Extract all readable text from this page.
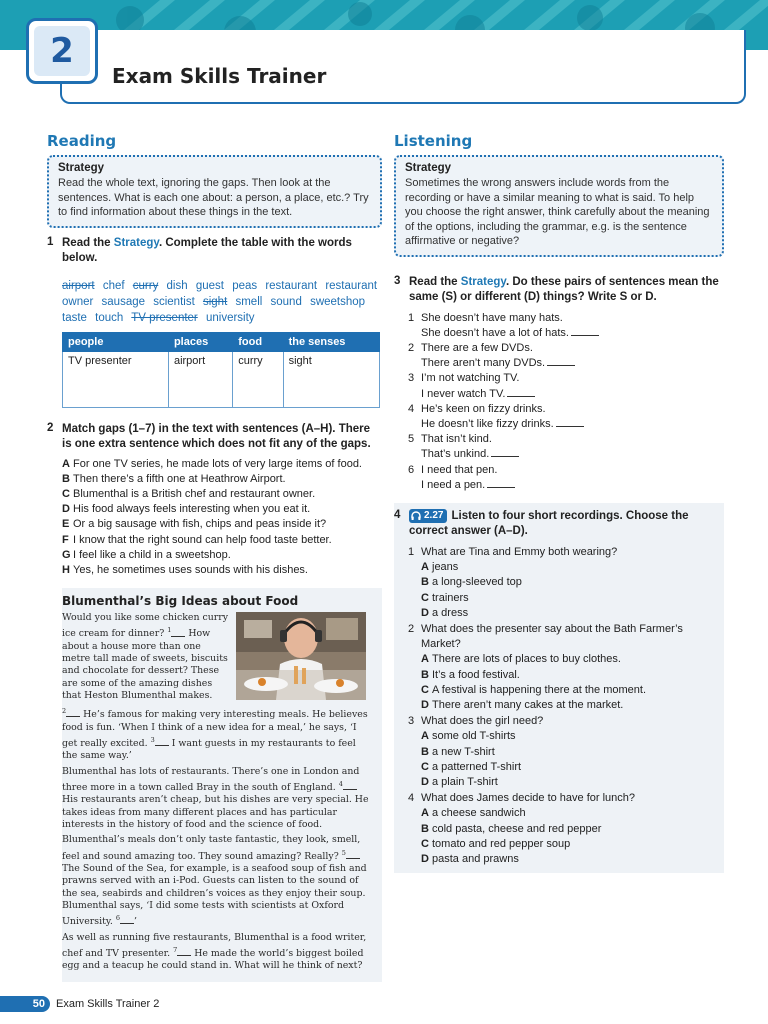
2
Exam Skills Trainer
Reading
Strategy
Read the whole text, ignoring the gaps. Then look at the sentences. What is each one about: a person, a place, etc.? Try to find information about these things in the text.
1 Read the Strategy. Complete the table with the words below.
airport chef curry dish guest peas restaurant restaurant owner sausage scientist sight smell sound sweetshop taste touch TV presenter university
people	places	food	the senses
TV presenter	airport	curry	sight
2 Match gaps (1–7) in the text with sentences (A–H). There is one extra sentence which does not fit any of the gaps.
A For one TV series, he made lots of very large items of food.
B Then there’s a fifth one at Heathrow Airport.
C Blumenthal is a British chef and restaurant owner.
D His food always feels interesting when you eat it.
E Or a big sausage with fish, chips and peas inside it?
F I know that the right sound can help food taste better.
G I feel like a child in a sweetshop.
H Yes, he sometimes uses sounds with his dishes.
Blumenthal’s Big Ideas about Food
Would you like some chicken curry ice cream for dinner? $^1$ How about a house more than one metre tall made of sweets, biscuits and chocolate for dessert? These are some of the amazing dishes that Heston Blumenthal makes.
$^2$ He’s famous for making very interesting meals. He believes food is fun. ‘When I think of a new idea for a meal,’ he says, ‘I get really excited. $^3$ I want guests in my restaurants to feel the same way.’
Blumenthal has lots of restaurants. There’s one in London and three more in a town called Bray in the south of England. $^4$ His restaurants aren’t cheap, but his dishes are very special. He takes ideas from many different places and has particular interests in the history of food and the science of food.
Blumenthal’s meals don’t only taste fantastic, they look, smell, feel and sound amazing too. They sound amazing? Really? $^5$ The Sound of the Sea, for example, is a seafood soup of fish and prawns served with an i-Pod. Guests can listen to the sound of the sea, seabirds and children’s voices as they enjoy their soup. Blumenthal says, ‘I did some tests with scientists at Oxford University. $^6$ ’
As well as running five restaurants, Blumenthal is a food writer, chef and TV presenter. $^7$ He made the world’s biggest boiled egg and a teacup he could stand in. What will he think of next?
Listening
Strategy
Sometimes the wrong answers include words from the recording or have a similar meaning to what is said. To help you choose the right answer, think carefully about the meaning of the options, including the grammar, e.g. is the sentence affirmative or negative?
3 Read the Strategy. Do these pairs of sentences mean the same (S) or different (D) things? Write S or D.
1 She doesn’t have many hats.
She doesn’t have a lot of hats.
2 There are a few DVDs.
There aren’t many DVDs.
3 I’m not watching TV.
I never watch TV.
4 He’s keen on fizzy drinks.
He doesn’t like fizzy drinks.
5 That isn’t kind.
That’s unkind.
6 I need that pen.
I need a pen.
4	2.27 Listen to four short recordings. Choose the correct answer (A–D).
1 What are Tina and Emmy both wearing?
A jeans
B a long-sleeved top
C trainers
D a dress
2 What does the presenter say about the Bath Farmer’s Market?
A There are lots of places to buy clothes.
B It’s a food festival.
C A festival is happening there at the moment.
D There aren’t many cakes at the market.
3 What does the girl need?
A some old T-shirts
B a new T-shirt
C a patterned T-shirt
D a plain T-shirt
4 What does James decide to have for lunch?
A a cheese sandwich
B cold pasta, cheese and red pepper
C tomato and red pepper soup
D pasta and prawns
50	Exam Skills Trainer 2
